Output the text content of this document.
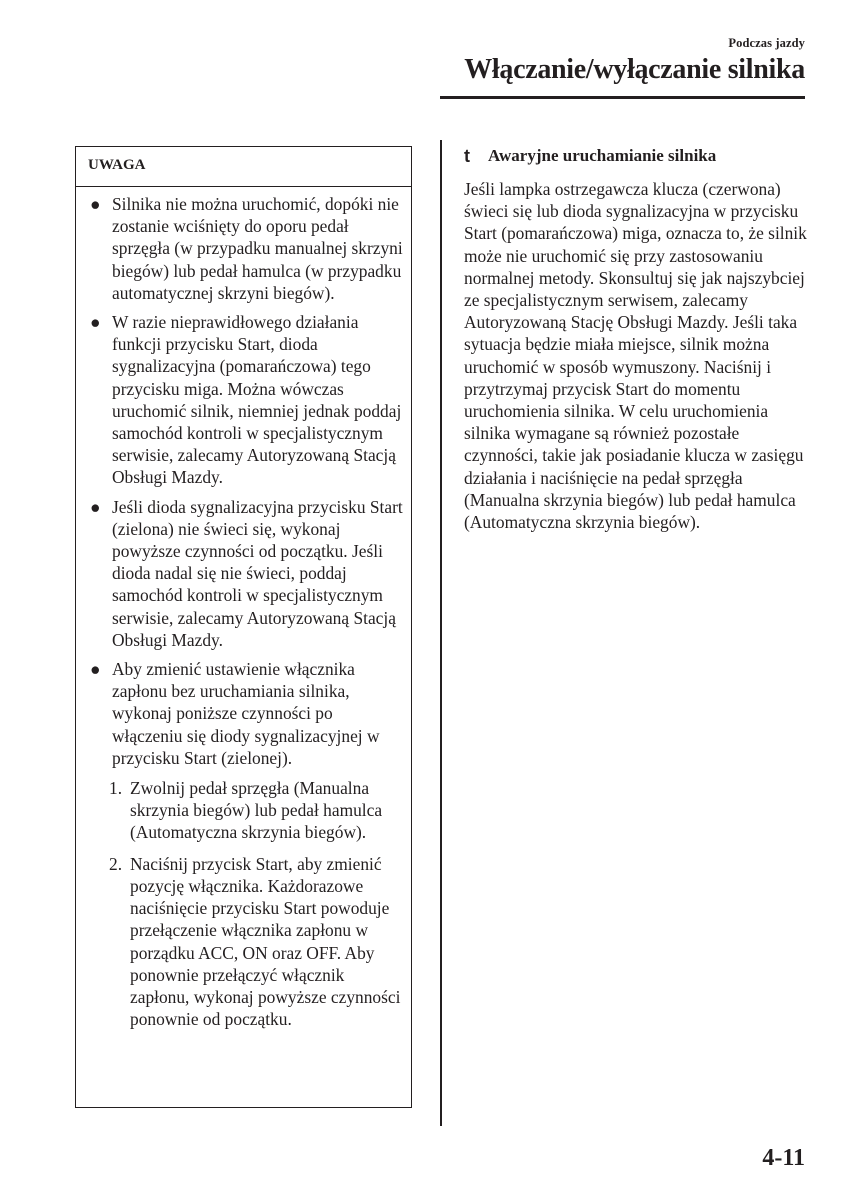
Podczas jazdy
Włączanie/wyłączanie silnika
UWAGA
● Silnika nie można uruchomić, dopóki nie zostanie wciśnięty do oporu pedał sprzęgła (w przypadku manualnej skrzyni biegów) lub pedał hamulca (w przypadku automatycznej skrzyni biegów).
● W razie nieprawidłowego działania funkcji przycisku Start, dioda sygnalizacyjna (pomarańczowa) tego przycisku miga. Można wówczas uruchomić silnik, niemniej jednak poddaj samochód kontroli w specjalistycznym serwisie, zalecamy Autoryzowaną Stacją Obsługi Mazdy.
● Jeśli dioda sygnalizacyjna przycisku Start (zielona) nie świeci się, wykonaj powyższe czynności od początku. Jeśli dioda nadal się nie świeci, poddaj samochód kontroli w specjalistycznym serwisie, zalecamy Autoryzowaną Stacją Obsługi Mazdy.
● Aby zmienić ustawienie włącznika zapłonu bez uruchamiania silnika, wykonaj poniższe czynności po włączeniu się diody sygnalizacyjnej w przycisku Start (zielonej).
1. Zwolnij pedał sprzęgła (Manualna skrzynia biegów) lub pedał hamulca (Automatyczna skrzynia biegów).
2. Naciśnij przycisk Start, aby zmienić pozycję włącznika. Każdorazowe naciśnięcie przycisku Start powoduje przełączenie włącznika zapłonu w porządku ACC, ON oraz OFF. Aby ponownie przełączyć włącznik zapłonu, wykonaj powyższe czynności ponownie od początku.
t Awaryjne uruchamianie silnika

Jeśli lampka ostrzegawcza klucza (czerwona) świeci się lub dioda sygnalizacyjna w przycisku Start (pomarańczowa) miga, oznacza to, że silnik może nie uruchomić się przy zastosowaniu normalnej metody. Skonsultuj się jak najszybciej ze specjalistycznym serwisem, zalecamy Autoryzowaną Stację Obsługi Mazdy. Jeśli taka sytuacja będzie miała miejsce, silnik można uruchomić w sposób wymuszony. Naciśnij i przytrzymaj przycisk Start do momentu uruchomienia silnika. W celu uruchomienia silnika wymagane są również pozostałe czynności, takie jak posiadanie klucza w zasięgu działania i naciśnięcie na pedał sprzęgła (Manualna skrzynia biegów) lub pedał hamulca (Automatyczna skrzynia biegów).

4-11
